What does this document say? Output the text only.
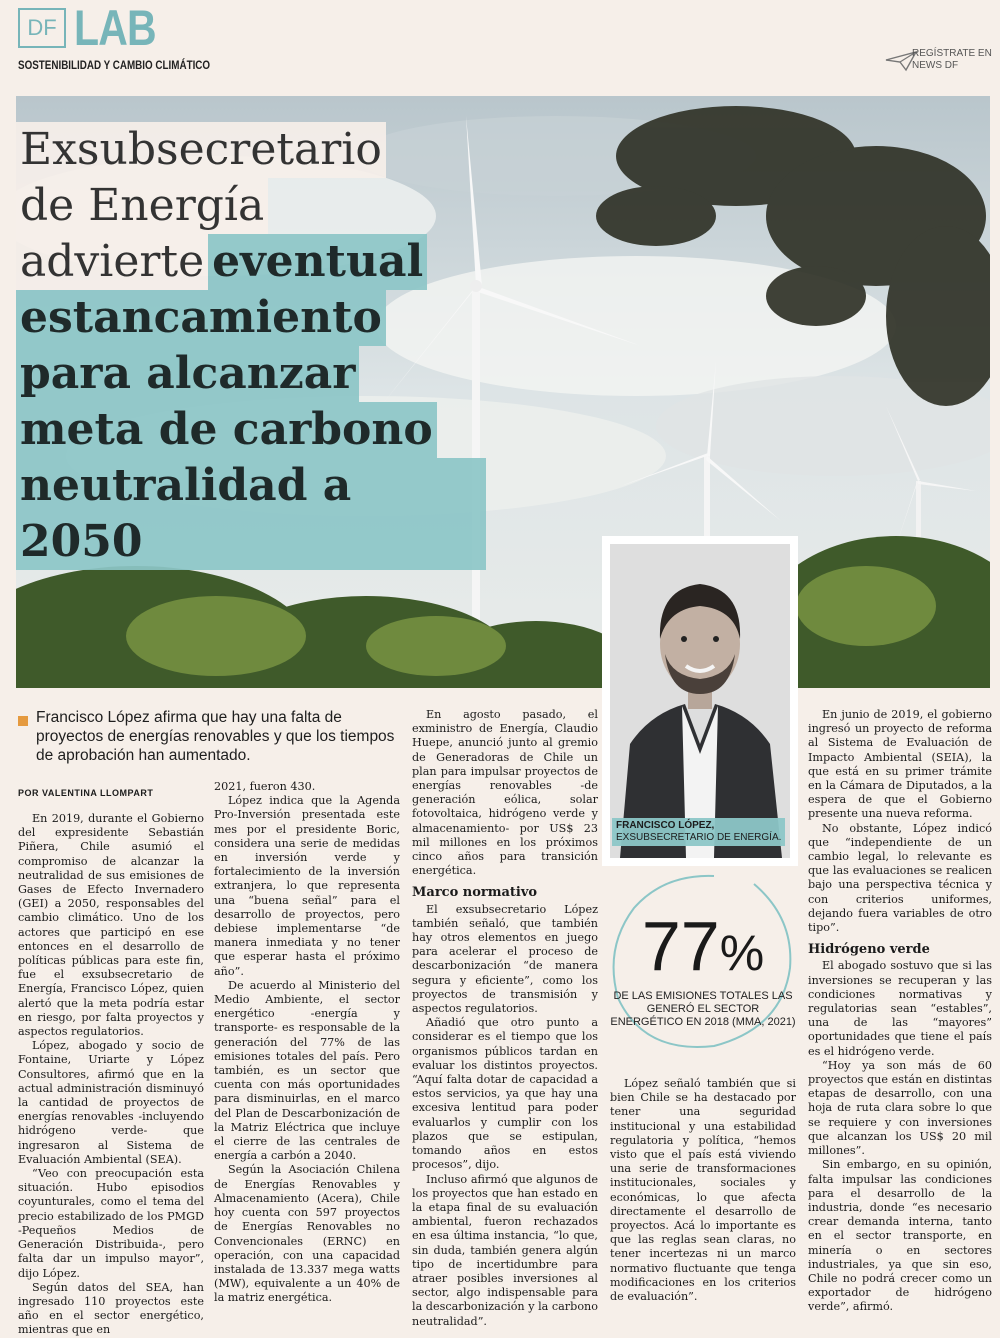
DF LAB
SOSTENIBILIDAD Y CAMBIO CLIMÁTICO
REGÍSTRATE EN
NEWS DF
Exsubsecretario
de Energía
advierte eventual
estancamiento
para alcanzar
meta de carbono
neutralidad a 2050
FRANCISCO LÓPEZ,
EXSUBSECRETARIO DE ENERGÍA.
Francisco López afirma que hay una falta de proyectos de energías renovables y que los tiempos de aprobación han aumentado.
POR VALENTINA LLOMPART

En 2019, durante el Gobierno del expresidente Sebastián Piñera, Chile asumió el compromiso de alcanzar la neutralidad de sus emisiones de Gases de Efecto Invernadero (GEI) a 2050, responsables del cambio climático. Uno de los actores que participó en ese entonces en el desarrollo de políticas públicas para este fin, fue el exsubsecretario de Energía, Francisco López, quien alertó que la meta podría estar en riesgo, por falta proyectos y aspectos regulatorios.

López, abogado y socio de Fontaine, Uriarte y López Consultores, afirmó que en la actual administración disminuyó la cantidad de proyectos de energías renovables -incluyendo hidrógeno verde- que ingresaron al Sistema de Evaluación Ambiental (SEA).

“Veo con preocupación esta situación. Hubo episodios coyunturales, como el tema del precio estabilizado de los PMGD -Pequeños Medios de Generación Distribuida-, pero falta dar un impulso mayor”, dijo López.

Según datos del SEA, han ingresado 110 proyectos este año en el sector energético, mientras que en

2021, fueron 430.

López indica que la Agenda Pro-Inversión presentada este mes por el presidente Boric, considera una serie de medidas en inversión verde y fortalecimiento de la inversión extranjera, lo que representa una “buena señal” para el desarrollo de proyectos, pero debiese implementarse “de manera inmediata y no tener que esperar hasta el próximo año”.

De acuerdo al Ministerio del Medio Ambiente, el sector energético -energía y transporte- es responsable de la generación del 77% de las emisiones totales del país. Pero también, es un sector que cuenta con más oportunidades para disminuirlas, en el marco del Plan de Descarbonización de la Matriz Eléctrica que incluye el cierre de las centrales de energía a carbón a 2040.

Según la Asociación Chilena de Energías Renovables y Almacenamiento (Acera), Chile hoy cuenta con 597 proyectos de Energías Renovables no Convencionales (ERNC) en operación, con una capacidad instalada de 13.337 mega watts (MW), equivalente a un 40% de la matriz energética.

En agosto pasado, el exministro de Energía, Claudio Huepe, anunció junto al gremio de Generadoras de Chile un plan para impulsar proyectos de energías renovables -de generación eólica, solar fotovoltaica, hidrógeno verde y almacenamiento- por US$ 23 mil millones en los próximos cinco años para transición energética.

Marco normativo

El exsubsecretario López también señaló, que también hay otros elementos en juego para acelerar el proceso de descarbonización “de manera segura y eficiente”, como los proyectos de transmisión y aspectos regulatorios.

Añadió que otro punto a considerar es el tiempo que los organismos públicos tardan en evaluar los distintos proyectos. “Aquí falta dotar de capacidad a estos servicios, ya que hay una excesiva lentitud para poder evaluarlos y cumplir con los plazos que se estipulan, tomando años en estos procesos”, dijo.

Incluso afirmó que algunos de los proyectos que han estado en la etapa final de su evaluación ambiental, fueron rechazados en esa última instancia, “lo que, sin duda, también genera algún tipo de incertidumbre para atraer posibles inversiones al sector, algo indispensable para la descarbonización y la carbono neutralidad”.

77%
DE LAS EMISIONES TOTALES LAS GENERÓ EL SECTOR ENERGÉTICO EN 2018 (MMA, 2021)

López señaló también que si bien Chile se ha destacado por tener una seguridad institucional y una estabilidad regulatoria y política, “hemos visto que el país está viviendo una serie de transformaciones institucionales, sociales y económicas, lo que afecta directamente el desarrollo de proyectos. Acá lo importante es que las reglas sean claras, no tener incertezas ni un marco normativo fluctuante que tenga modificaciones en los criterios de evaluación”.

En junio de 2019, el gobierno ingresó un proyecto de reforma al Sistema de Evaluación de Impacto Ambiental (SEIA), la que está en su primer trámite en la Cámara de Diputados, a la espera de que el Gobierno presente una nueva reforma.

No obstante, López indicó que “independiente de un cambio legal, lo relevante es que las evaluaciones se realicen bajo una perspectiva técnica y con criterios uniformes, dejando fuera variables de otro tipo”.

Hidrógeno verde

El abogado sostuvo que si las inversiones se recuperan y las condiciones normativas y regulatorias sean “estables”, una de las “mayores” oportunidades que tiene el país es el hidrógeno verde.

“Hoy ya son más de 60 proyectos que están en distintas etapas de desarrollo, con una hoja de ruta clara sobre lo que se requiere y con inversiones que alcanzan los US$ 20 mil millones”.

Sin embargo, en su opinión, falta impulsar las condiciones para el desarrollo de la industria, donde “es necesario crear demanda interna, tanto en el sector transporte, en minería o en sectores industriales, ya que sin eso, Chile no podrá crecer como un exportador de hidrógeno verde”, afirmó.
